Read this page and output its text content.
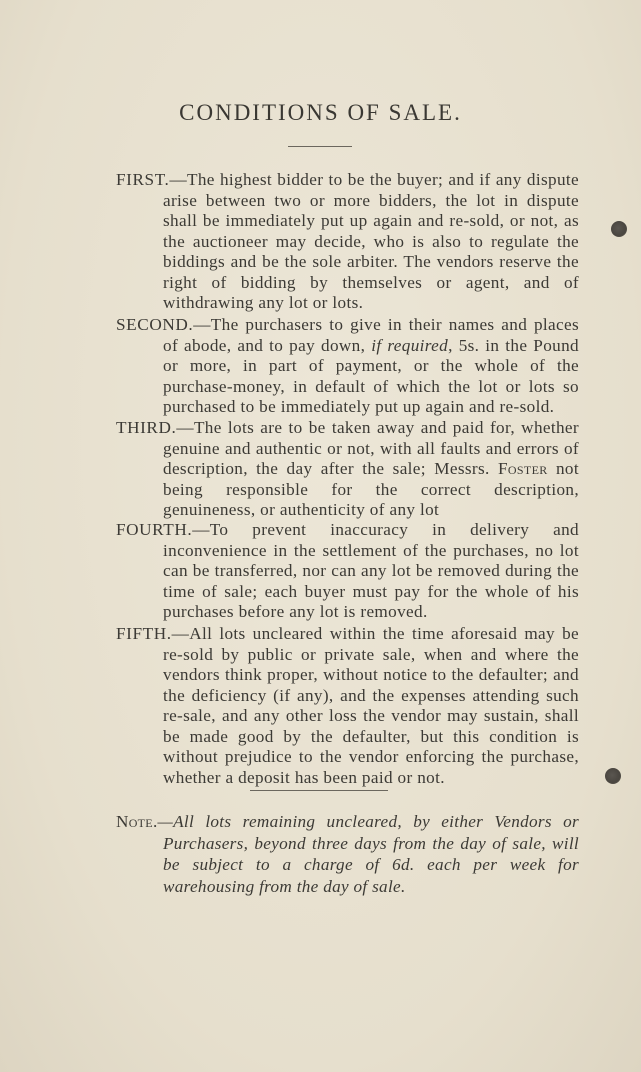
CONDITIONS OF SALE.

FIRST.—The highest bidder to be the buyer; and if any dispute arise between two or more bidders, the lot in dispute shall be immediately put up again and re-sold, or not, as the auctioneer may decide, who is also to regulate the biddings and be the sole arbiter. The vendors reserve the right of bidding by themselves or agent, and of withdrawing any lot or lots.

SECOND.—The purchasers to give in their names and places of abode, and to pay down, if required, 5s. in the Pound or more, in part of payment, or the whole of the purchase-money, in default of which the lot or lots so purchased to be immediately put up again and re-sold.

THIRD.—The lots are to be taken away and paid for, whether genuine and authentic or not, with all faults and errors of description, the day after the sale; Messrs. Foster not being responsible for the correct description, genuineness, or authenticity of any lot

FOURTH.—To prevent inaccuracy in delivery and inconvenience in the settlement of the purchases, no lot can be transferred, nor can any lot be removed during the time of sale; each buyer must pay for the whole of his purchases before any lot is removed.

FIFTH.—All lots uncleared within the time aforesaid may be re-sold by public or private sale, when and where the vendors think proper, without notice to the defaulter; and the deficiency (if any), and the expenses attending such re-sale, and any other loss the vendor may sustain, shall be made good by the defaulter, but this condition is without prejudice to the vendor enforcing the purchase, whether a deposit has been paid or not.

Note.—All lots remaining uncleared, by either Vendors or Purchasers, beyond three days from the day of sale, will be subject to a charge of 6d. each per week for warehousing from the day of sale.
